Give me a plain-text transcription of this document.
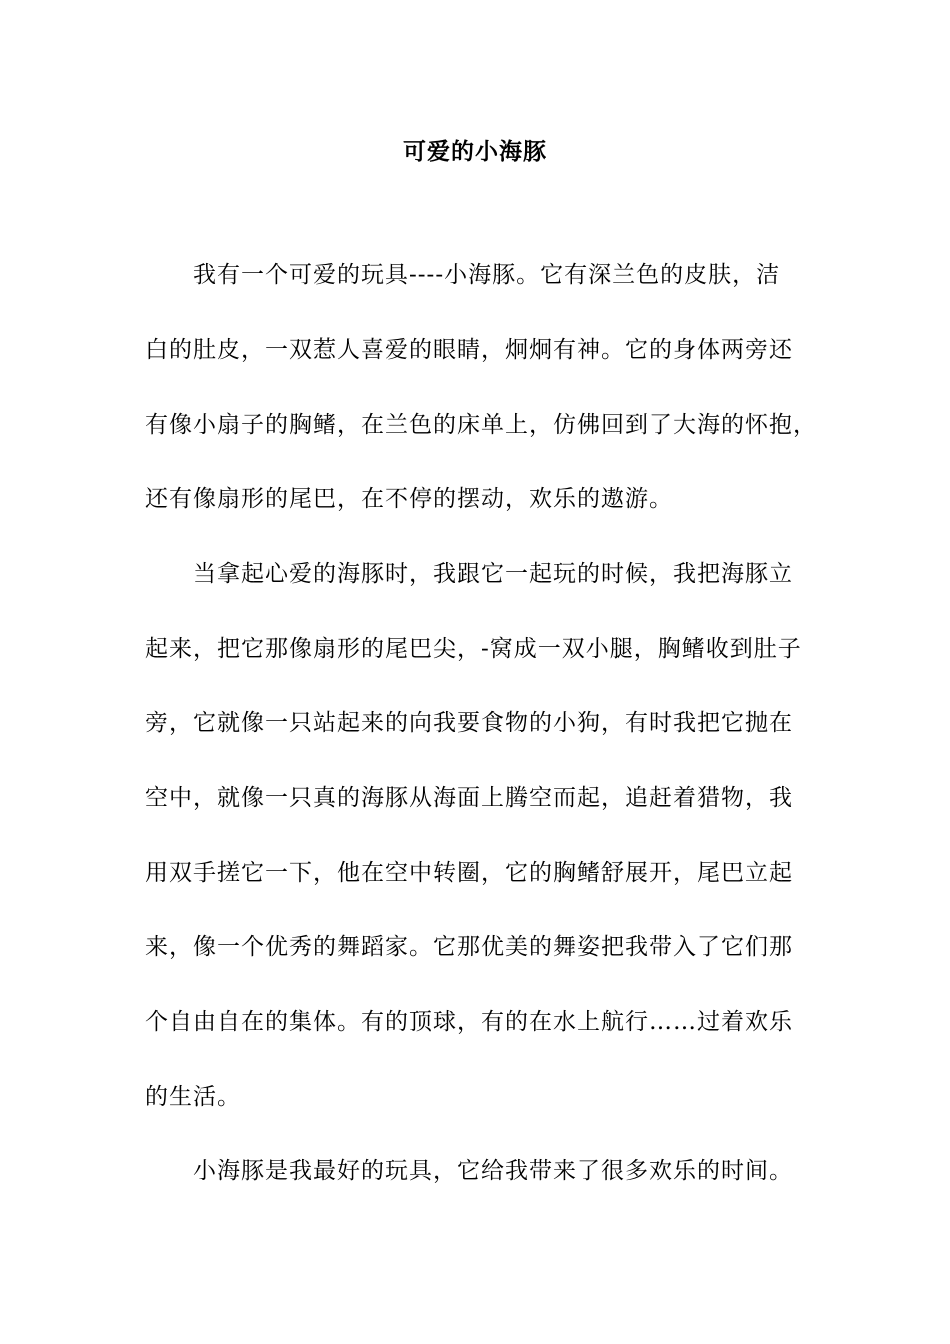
可爱的小海豚
我有一个可爱的玩具----小海豚。它有深兰色的皮肤，洁
白的肚皮，一双惹人喜爱的眼睛，炯炯有神。它的身体两旁还
有像小扇子的胸鳍，在兰色的床单上，仿佛回到了大海的怀抱，
还有像扇形的尾巴，在不停的摆动，欢乐的遨游。
当拿起心爱的海豚时，我跟它一起玩的时候，我把海豚立
起来，把它那像扇形的尾巴尖，-窝成一双小腿，胸鳍收到肚子
旁，它就像一只站起来的向我要食物的小狗，有时我把它抛在
空中，就像一只真的海豚从海面上腾空而起，追赶着猎物，我
用双手搓它一下，他在空中转圈，它的胸鳍舒展开，尾巴立起
来，像一个优秀的舞蹈家。它那优美的舞姿把我带入了它们那
个自由自在的集体。有的顶球，有的在水上航行……过着欢乐
的生活。
小海豚是我最好的玩具，它给我带来了很多欢乐的时间。
